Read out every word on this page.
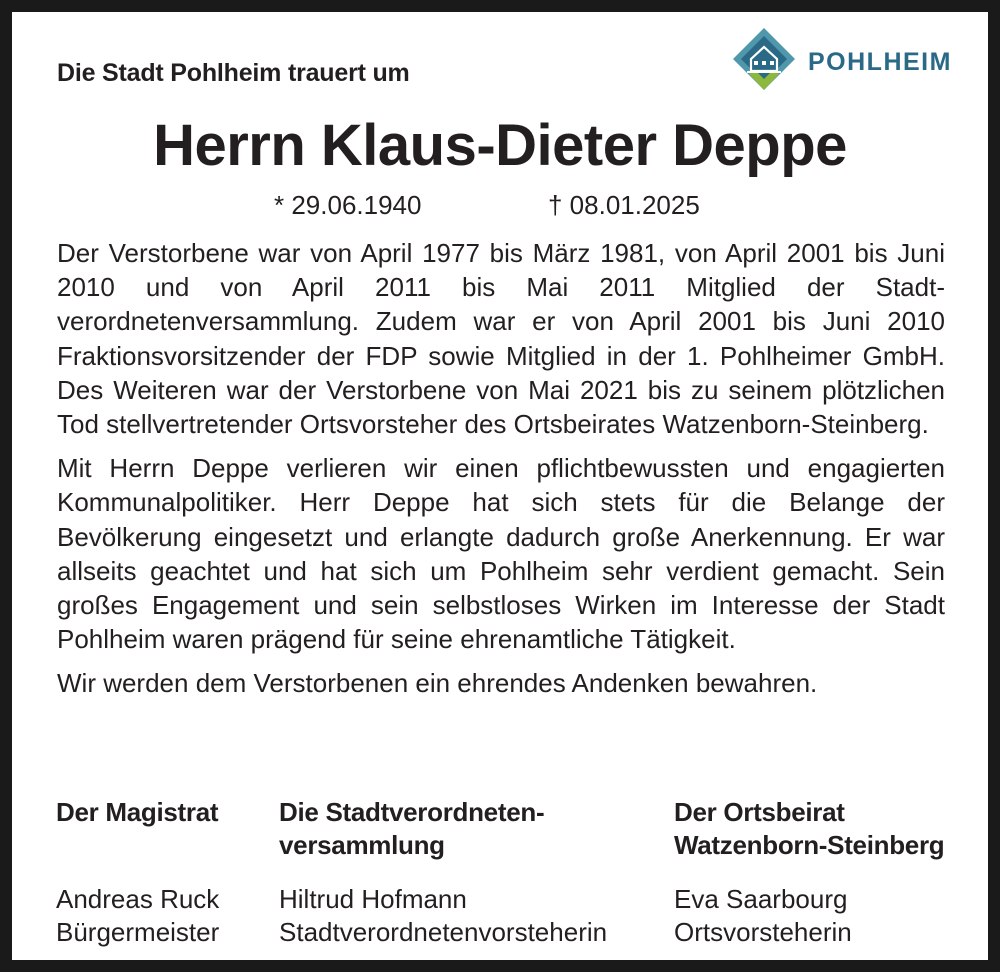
Die Stadt Pohlheim trauert um	POHLHEIM
Herrn Klaus-Dieter Deppe
* 29.06.1940	† 08.01.2025

Der Verstorbene war von April 1977 bis März 1981, von April 2001 bis Juni 2010 und von April 2011 bis Mai 2011 Mitglied der Stadtverordnetenversammlung. Zudem war er von April 2001 bis Juni 2010 Fraktionsvorsitzender der FDP sowie Mitglied in der 1. Pohlheimer GmbH. Des Weiteren war der Verstorbene von Mai 2021 bis zu seinem plötzlichen Tod stellvertretender Ortsvorsteher des Ortsbeirates Watzenborn-Steinberg.

Mit Herrn Deppe verlieren wir einen pflichtbewussten und engagierten Kommunalpolitiker. Herr Deppe hat sich stets für die Belange der Bevölkerung eingesetzt und erlangte dadurch große Anerkennung. Er war allseits geachtet und hat sich um Pohlheim sehr verdient gemacht. Sein großes Engagement und sein selbstloses Wirken im Interesse der Stadt Pohlheim waren prägend für seine ehrenamtliche Tätigkeit.

Wir werden dem Verstorbenen ein ehrendes Andenken bewahren.

Der Magistrat

Andreas Ruck
Bürgermeister
Die Stadtverordneten-
versammlung
Hiltrud Hofmann
Stadtverordnetenvorsteherin
Der Ortsbeirat
Watzenborn-Steinberg
Eva Saarbourg
Ortsvorsteherin
